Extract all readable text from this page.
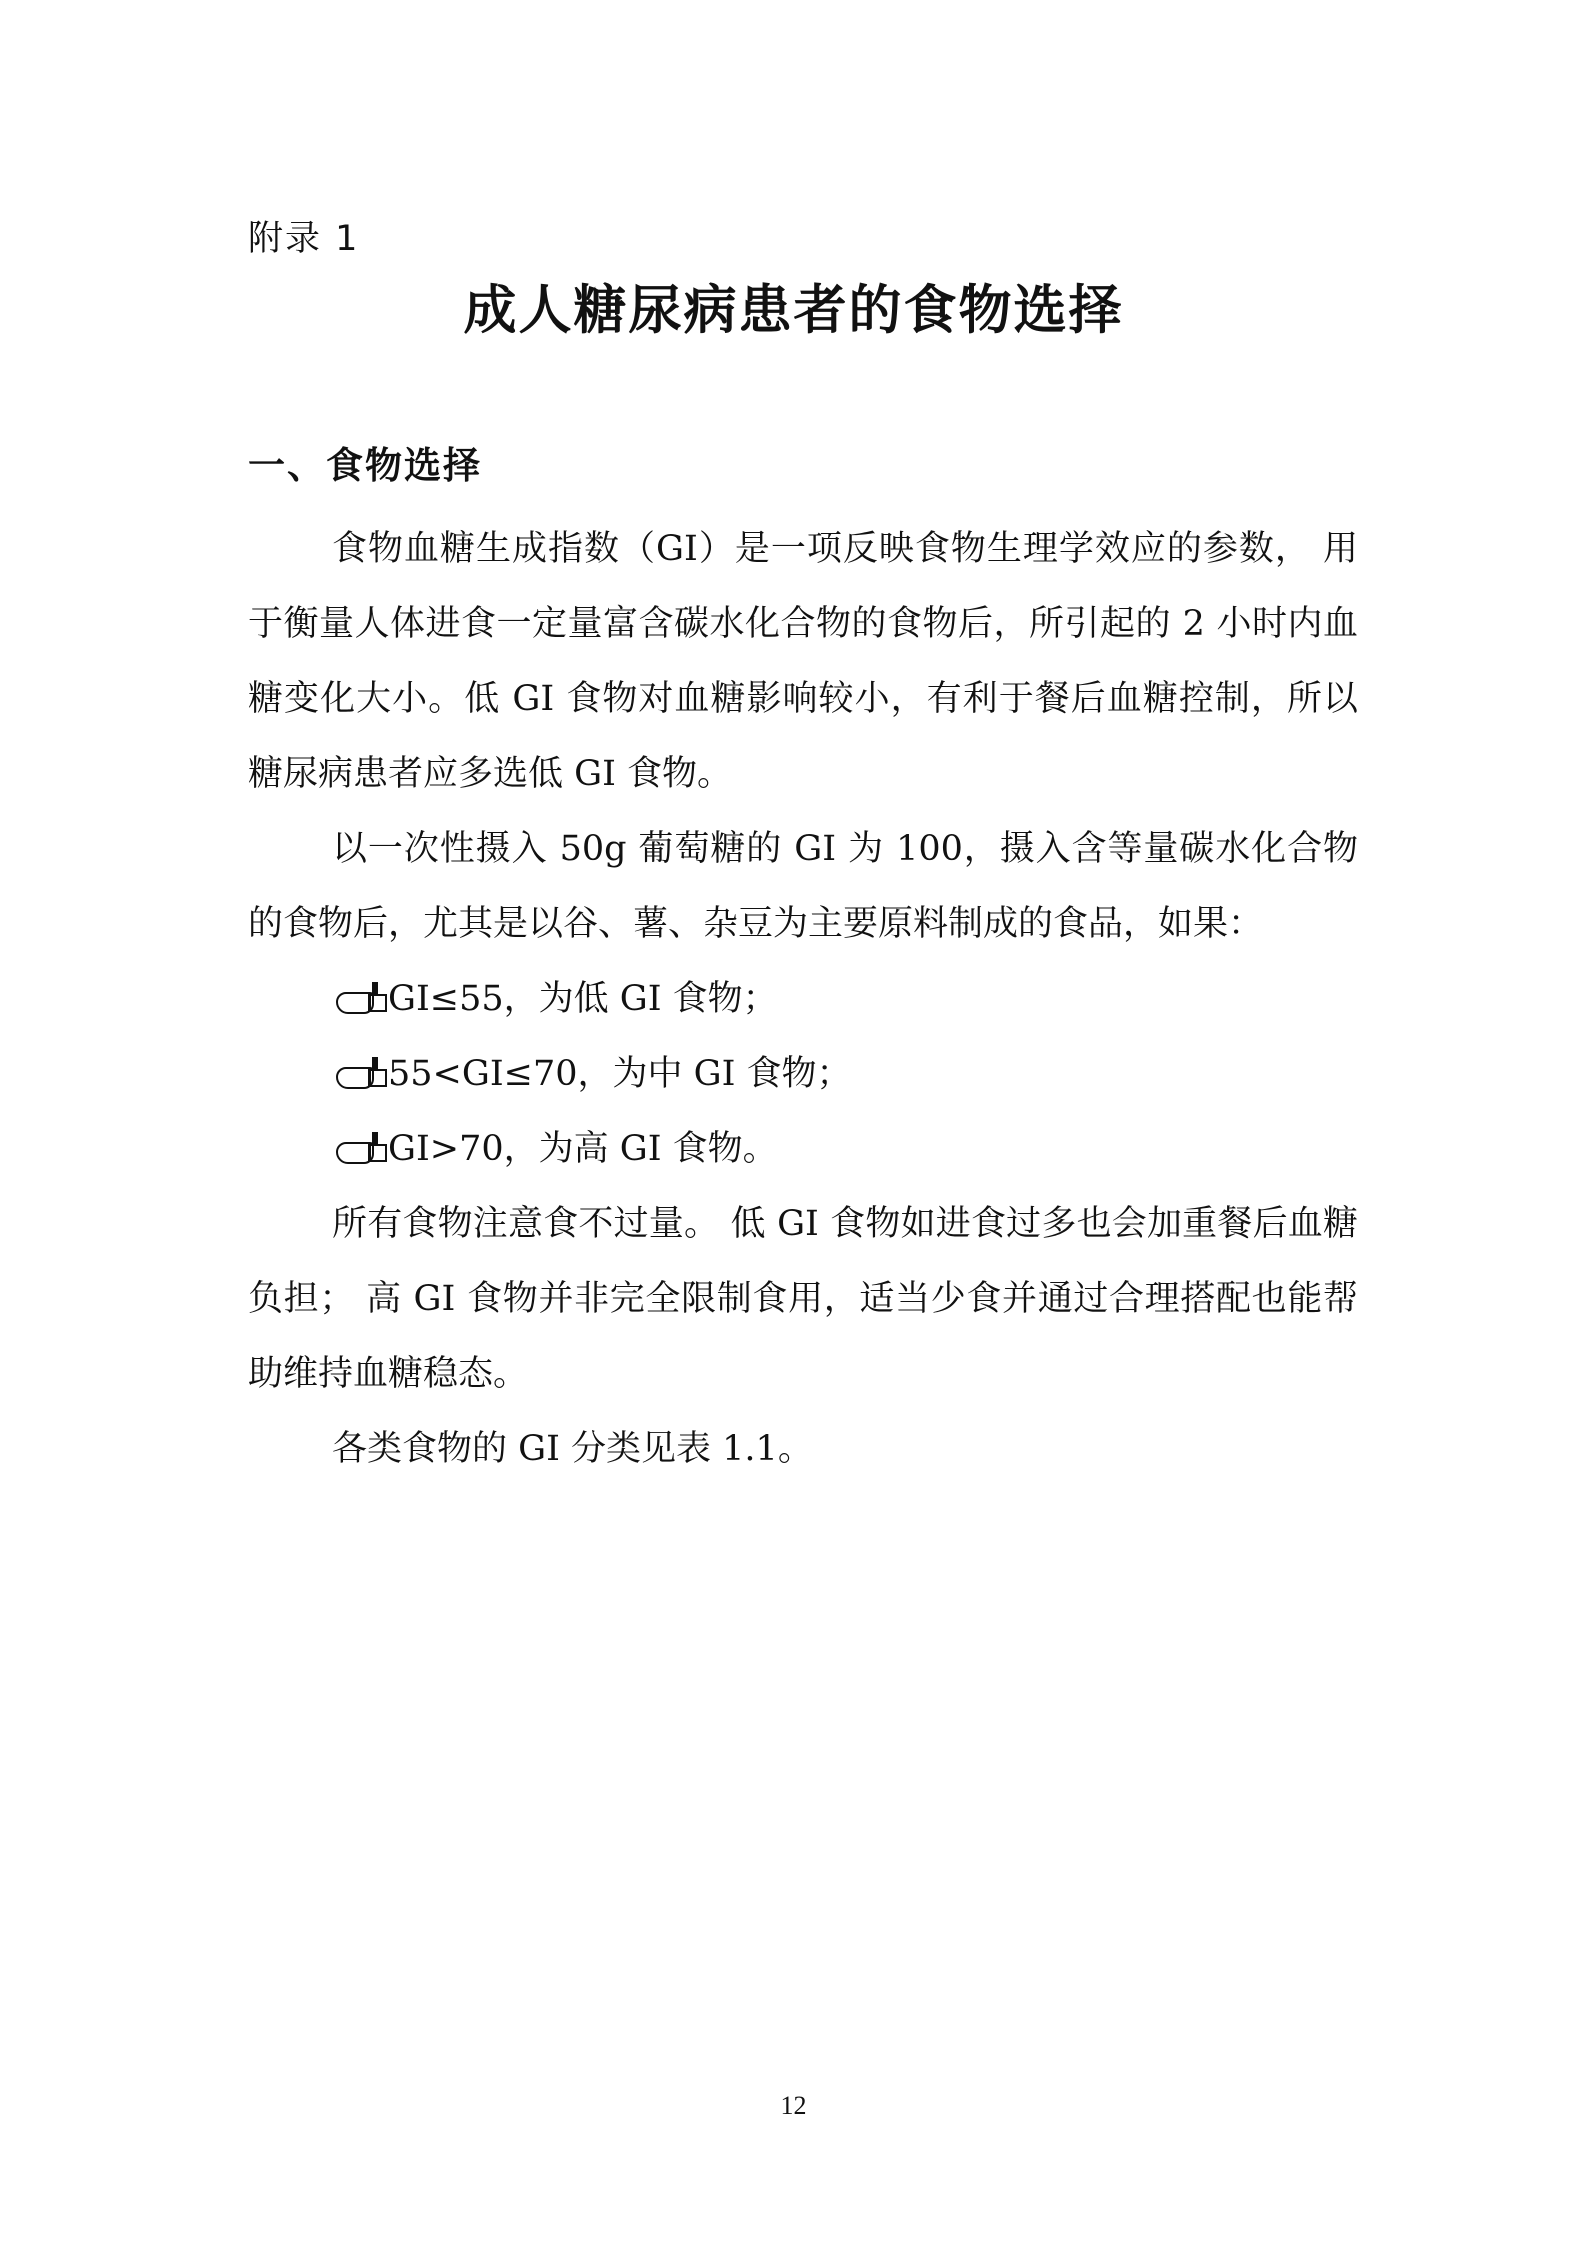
附录 1
成人糖尿病患者的食物选择
一、食物选择

食物血糖生成指数（GI）是一项反映食物生理学效应的参数， 用于衡量人体进食一定量富含碳水化合物的食物后，所引起的 2 小时内血糖变化大小。低 GI 食物对血糖影响较小，有利于餐后血糖控制，所以糖尿病患者应多选低 GI 食物。

以一次性摄入 50g 葡萄糖的 GI 为 100，摄入含等量碳水化合物的食物后，尤其是以谷、薯、杂豆为主要原料制成的食品，如果：

GI≤55，为低 GI 食物；

55<GI≤70，为中 GI 食物；

GI>70，为高 GI 食物。

所有食物注意食不过量。 低 GI 食物如进食过多也会加重餐后血糖负担； 高 GI 食物并非完全限制食用，适当少食并通过合理搭配也能帮助维持血糖稳态。

各类食物的 GI 分类见表 1.1。

12
